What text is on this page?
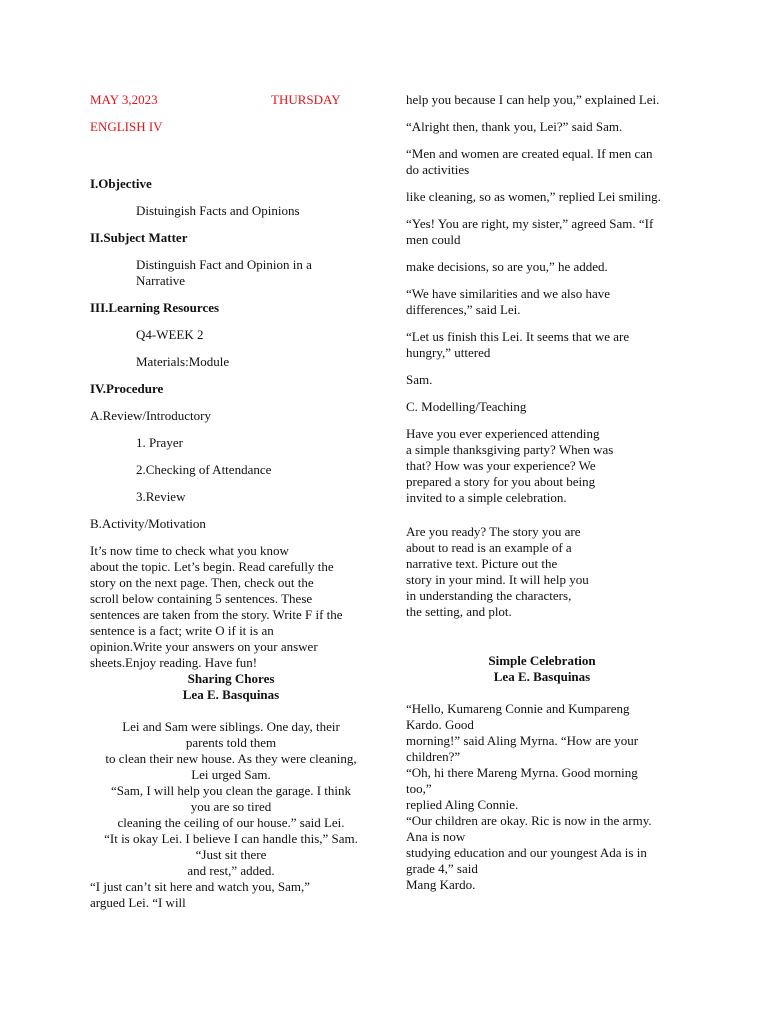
MAY 3,2023	THURSDAY

ENGLISH IV

I.Objective

Distuingish Facts and Opinions

II.Subject Matter

Distinguish Fact and Opinion in a

Narrative

III.Learning Resources

Q4-WEEK 2

Materials:Module

IV.Procedure

A.Review/Introductory

1. Prayer

2.Checking of Attendance

3.Review

B.Activity/Motivation

It’s now time to check what you know

about the topic. Let’s begin. Read carefully the

story on the next page. Then, check out the

scroll below containing 5 sentences. These

sentences are taken from the story. Write F if the

sentence is a fact; write O if it is an

opinion.Write your answers on your answer

sheets.Enjoy reading. Have fun!

Sharing Chores

Lea E. Basquinas

Lei and Sam were siblings. One day, their

parents told them

to clean their new house. As they were cleaning,

Lei urged Sam.

“Sam, I will help you clean the garage. I think

you are so tired

cleaning the ceiling of our house.” said Lei.

“It is okay Lei. I believe I can handle this,” Sam.

“Just sit there

and rest,” added.

“I just can’t sit here and watch you, Sam,”

argued Lei. “I will

help you because I can help you,” explained Lei.

“Alright then, thank you, Lei?” said Sam.

“Men and women are created equal. If men can

do activities

like cleaning, so as women,” replied Lei smiling.

“Yes! You are right, my sister,” agreed Sam. “If

men could

make decisions, so are you,” he added.

“We have similarities and we also have

differences,” said Lei.

“Let us finish this Lei. It seems that we are

hungry,” uttered

Sam.

C. Modelling/Teaching

Have you ever experienced attending

a simple thanksgiving party? When was

that? How was your experience? We

prepared a story for you about being

invited to a simple celebration.

Are you ready? The story you are

about to read is an example of a

narrative text. Picture out the

story in your mind. It will help you

in understanding the characters,

the setting, and plot.

Simple Celebration

Lea E. Basquinas

“Hello, Kumareng Connie and Kumpareng

Kardo. Good

morning!” said Aling Myrna. “How are your

children?”

“Oh, hi there Mareng Myrna. Good morning

too,”

replied Aling Connie.

“Our children are okay. Ric is now in the army.

Ana is now

studying education and our youngest Ada is in

grade 4,” said

Mang Kardo.
